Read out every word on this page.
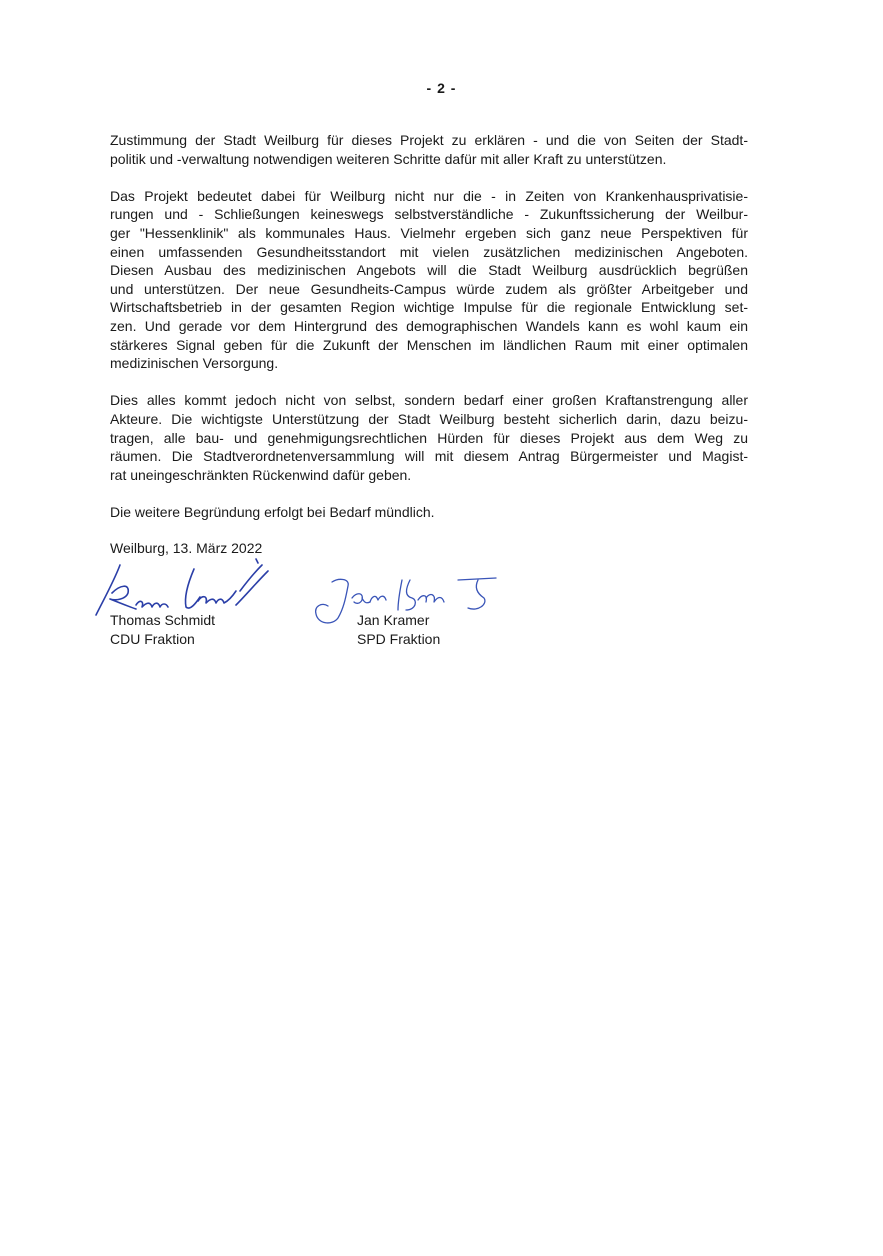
- 2 -

Zustimmung der Stadt Weilburg für dieses Projekt zu erklären - und die von Seiten der Stadt-
politik und -verwaltung notwendigen weiteren Schritte dafür mit aller Kraft zu unterstützen.

Das Projekt bedeutet dabei für Weilburg nicht nur die - in Zeiten von Krankenhausprivatisie-
rungen und - Schließungen keineswegs selbstverständliche - Zukunftssicherung der Weilbur-
ger "Hessenklinik" als kommunales Haus. Vielmehr ergeben sich ganz neue Perspektiven für
einen umfassenden Gesundheitsstandort mit vielen zusätzlichen medizinischen Angeboten.
Diesen Ausbau des medizinischen Angebots will die Stadt Weilburg ausdrücklich begrüßen
und unterstützen. Der neue Gesundheits-Campus würde zudem als größter Arbeitgeber und
Wirtschaftsbetrieb in der gesamten Region wichtige Impulse für die regionale Entwicklung set-
zen. Und gerade vor dem Hintergrund des demographischen Wandels kann es wohl kaum ein
stärkeres Signal geben für die Zukunft der Menschen im ländlichen Raum mit einer optimalen
medizinischen Versorgung.

Dies alles kommt jedoch nicht von selbst, sondern bedarf einer großen Kraftanstrengung aller
Akteure. Die wichtigste Unterstützung der Stadt Weilburg besteht sicherlich darin, dazu beizu-
tragen, alle bau- und genehmigungsrechtlichen Hürden für dieses Projekt aus dem Weg zu
räumen. Die Stadtverordnetenversammlung will mit diesem Antrag Bürgermeister und Magist-
rat uneingeschränkten Rückenwind dafür geben.

Die weitere Begründung erfolgt bei Bedarf mündlich.

Weilburg, 13. März 2022
Thomas Schmidt
CDU Fraktion
Jan Kramer
SPD Fraktion
